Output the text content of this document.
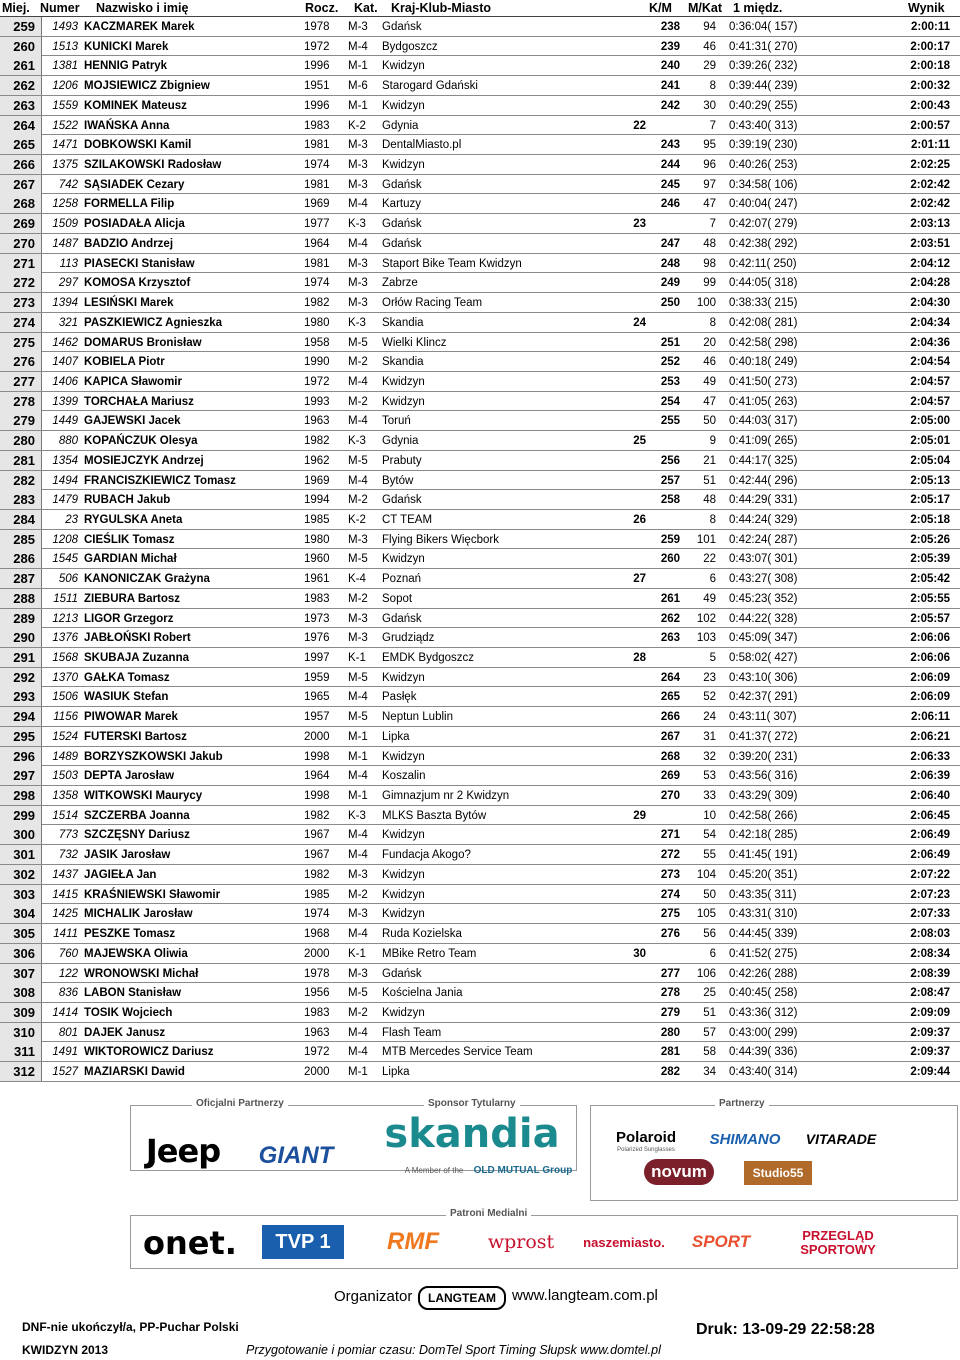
Miej. Numer Nazwisko i imię	Rocz. Kat. Kraj-Klub-Miasto	K/M M/Kat 1 międz.	Wynik
259	1493 KACZMAREK Marek	1978 M-3 Gdańsk	238	94 0:36:04( 157)	2:00:11
260	1513 KUNICKI Marek	1972 M-4 Bydgoszcz	239	46 0:41:31( 270)	2:00:17
261	1381 HENNIG Patryk	1996 M-1 Kwidzyn	240	29 0:39:26( 232)	2:00:18
262	1206 MOJSIEWICZ Zbigniew	1951 M-6 Starogard Gdański	241	8 0:39:44( 239)	2:00:32
263	1559 KOMINEK Mateusz	1996 M-1 Kwidzyn	242	30 0:40:29( 255)	2:00:43
264	1522 IWAŃSKA Anna	1983 K-2 Gdynia	22	7 0:43:40( 313)	2:00:57
265	1471 DOBKOWSKI Kamil	1981 M-3 DentalMiasto.pl	243	95 0:39:19( 230)	2:01:11
266	1375 SZILAKOWSKI Radosław	1974 M-3 Kwidzyn	244	96 0:40:26( 253)	2:02:25
267	742 SĄSIADEK Cezary	1981 M-3 Gdańsk	245	97 0:34:58( 106)	2:02:42
268	1258 FORMELLA Filip	1969 M-4 Kartuzy	246	47 0:40:04( 247)	2:02:42
269	1509 POSIADAŁA Alicja	1977 K-3 Gdańsk	23	7 0:42:07( 279)	2:03:13
270	1487 BADZIO Andrzej	1964 M-4 Gdańsk	247	48 0:42:38( 292)	2:03:51
271	113 PIASECKI Stanisław	1981 M-3 Staport Bike Team Kwidzyn	248	98 0:42:11( 250)	2:04:12
272	297 KOMOSA Krzysztof	1974 M-3 Zabrze	249	99 0:44:05( 318)	2:04:28
273	1394 LESIŃSKI Marek	1982 M-3 Orłów Racing Team	250	100 0:38:33( 215)	2:04:30
274	321 PASZKIEWICZ Agnieszka	1980 K-3 Skandia	24	8 0:42:08( 281)	2:04:34
275	1462 DOMARUS Bronisław	1958 M-5 Wielki Klincz	251	20 0:42:58( 298)	2:04:36
276	1407 KOBIELA Piotr	1990 M-2 Skandia	252	46 0:40:18( 249)	2:04:54
277	1406 KAPICA Sławomir	1972 M-4 Kwidzyn	253	49 0:41:50( 273)	2:04:57
278	1399 TORCHAŁA Mariusz	1993 M-2 Kwidzyn	254	47 0:41:05( 263)	2:04:57
279	1449 GAJEWSKI Jacek	1963 M-4 Toruń	255	50 0:44:03( 317)	2:05:00
280	880 KOPAŃCZUK Olesya	1982 K-3 Gdynia	25	9 0:41:09( 265)	2:05:01
281	1354 MOSIEJCZYK Andrzej	1962 M-5 Prabuty	256	21 0:44:17( 325)	2:05:04
282	1494 FRANCISZKIEWICZ Tomasz	1969 M-4 Bytów	257	51 0:42:44( 296)	2:05:13
283	1479 RUBACH Jakub	1994 M-2 Gdańsk	258	48 0:44:29( 331)	2:05:17
284	23 RYGULSKA Aneta	1985 K-2 CT TEAM	26	8 0:44:24( 329)	2:05:18
285	1208 CIEŚLIK Tomasz	1980 M-3 Flying Bikers Więcbork	259	101 0:42:24( 287)	2:05:26
286	1545 GARDIAN Michał	1960 M-5 Kwidzyn	260	22 0:43:07( 301)	2:05:39
287	506 KANONICZAK Grażyna	1961 K-4 Poznań	27	6 0:43:27( 308)	2:05:42
288	1511 ZIEBURA Bartosz	1983 M-2 Sopot	261	49 0:45:23( 352)	2:05:55
289	1213 LIGOR Grzegorz	1973 M-3 Gdańsk	262	102 0:44:22( 328)	2:05:57
290	1376 JABŁOŃSKI Robert	1976 M-3 Grudziądz	263	103 0:45:09( 347)	2:06:06
291	1568 SKUBAJA Zuzanna	1997 K-1 EMDK Bydgoszcz	28	5 0:58:02( 427)	2:06:06
292	1370 GAŁKA Tomasz	1959 M-5 Kwidzyn	264	23 0:43:10( 306)	2:06:09
293	1506 WASIUK Stefan	1965 M-4 Pasłęk	265	52 0:42:37( 291)	2:06:09
294	1156 PIWOWAR Marek	1957 M-5 Neptun Lublin	266	24 0:43:11( 307)	2:06:11
295	1524 FUTERSKI Bartosz	2000 M-1 Lipka	267	31 0:41:37( 272)	2:06:21
296	1489 BORZYSZKOWSKI Jakub	1998 M-1 Kwidzyn	268	32 0:39:20( 231)	2:06:33
297	1503 DEPTA Jarosław	1964 M-4 Koszalin	269	53 0:43:56( 316)	2:06:39
298	1358 WITKOWSKI Maurycy	1998 M-1 Gimnazjum nr 2 Kwidzyn	270	33 0:43:29( 309)	2:06:40
299	1514 SZCZERBA Joanna	1982 K-3 MLKS Baszta Bytów	29	10 0:42:58( 266)	2:06:45
300	773 SZCZĘSNY Dariusz	1967 M-4 Kwidzyn	271	54 0:42:18( 285)	2:06:49
301	732 JASIK Jarosław	1967 M-4 Fundacja Akogo?	272	55 0:41:45( 191)	2:06:49
302	1437 JAGIEŁA Jan	1982 M-3 Kwidzyn	273	104 0:45:20( 351)	2:07:22
303	1415 KRAŚNIEWSKI Sławomir	1985 M-2 Kwidzyn	274	50 0:43:35( 311)	2:07:23
304	1425 MICHALIK Jarosław	1974 M-3 Kwidzyn	275	105 0:43:31( 310)	2:07:33
305	1411 PESZKE Tomasz	1968 M-4 Ruda Kozielska	276	56 0:44:45( 339)	2:08:03
306	760 MAJEWSKA Oliwia	2000 K-1 MBike Retro Team	30	6 0:41:52( 275)	2:08:34
307	122 WRONOWSKI Michał	1978 M-3 Gdańsk	277	106 0:42:26( 288)	2:08:39
308	836 LABON Stanisław	1956 M-5 Kościelna Jania	278	25 0:40:45( 258)	2:08:47
309	1414 TOSIK Wojciech	1983 M-2 Kwidzyn	279	51 0:43:36( 312)	2:09:09
310	801 DAJEK Janusz	1963 M-4 Flash Team	280	57 0:43:00( 299)	2:09:37
311	1491 WIKTOROWICZ Dariusz	1972 M-4 MTB Mercedes Service Team	281	58 0:44:39( 336)	2:09:37
312	1527 MAZIARSKI Dawid	2000 M-1 Lipka	282	34 0:43:40( 314)	2:09:44
Oficjalni Partnerzy	Sponsor Tytularny	Partnerzy
Patroni Medialni
Jeep	GIANT	skandia
A Member of the	OLD MUTUAL Group
Polaroid
Polarized Sunglasses
SHIMANO	VITARADE
novum	Studio55
onet.	TVP 1	RMF	wprost	naszemiasto.	SPORT	PRZEGLĄD SPORTOWY
Organizator	LANGTEAM	www.langteam.com.pl
DNF-nie ukończył/a, PP-Puchar Polski
KWIDZYN 2013	Przygotowanie i pomiar czasu: DomTel Sport Timing Słupsk www.domtel.pl
Druk: 13-09-29 22:58:28
